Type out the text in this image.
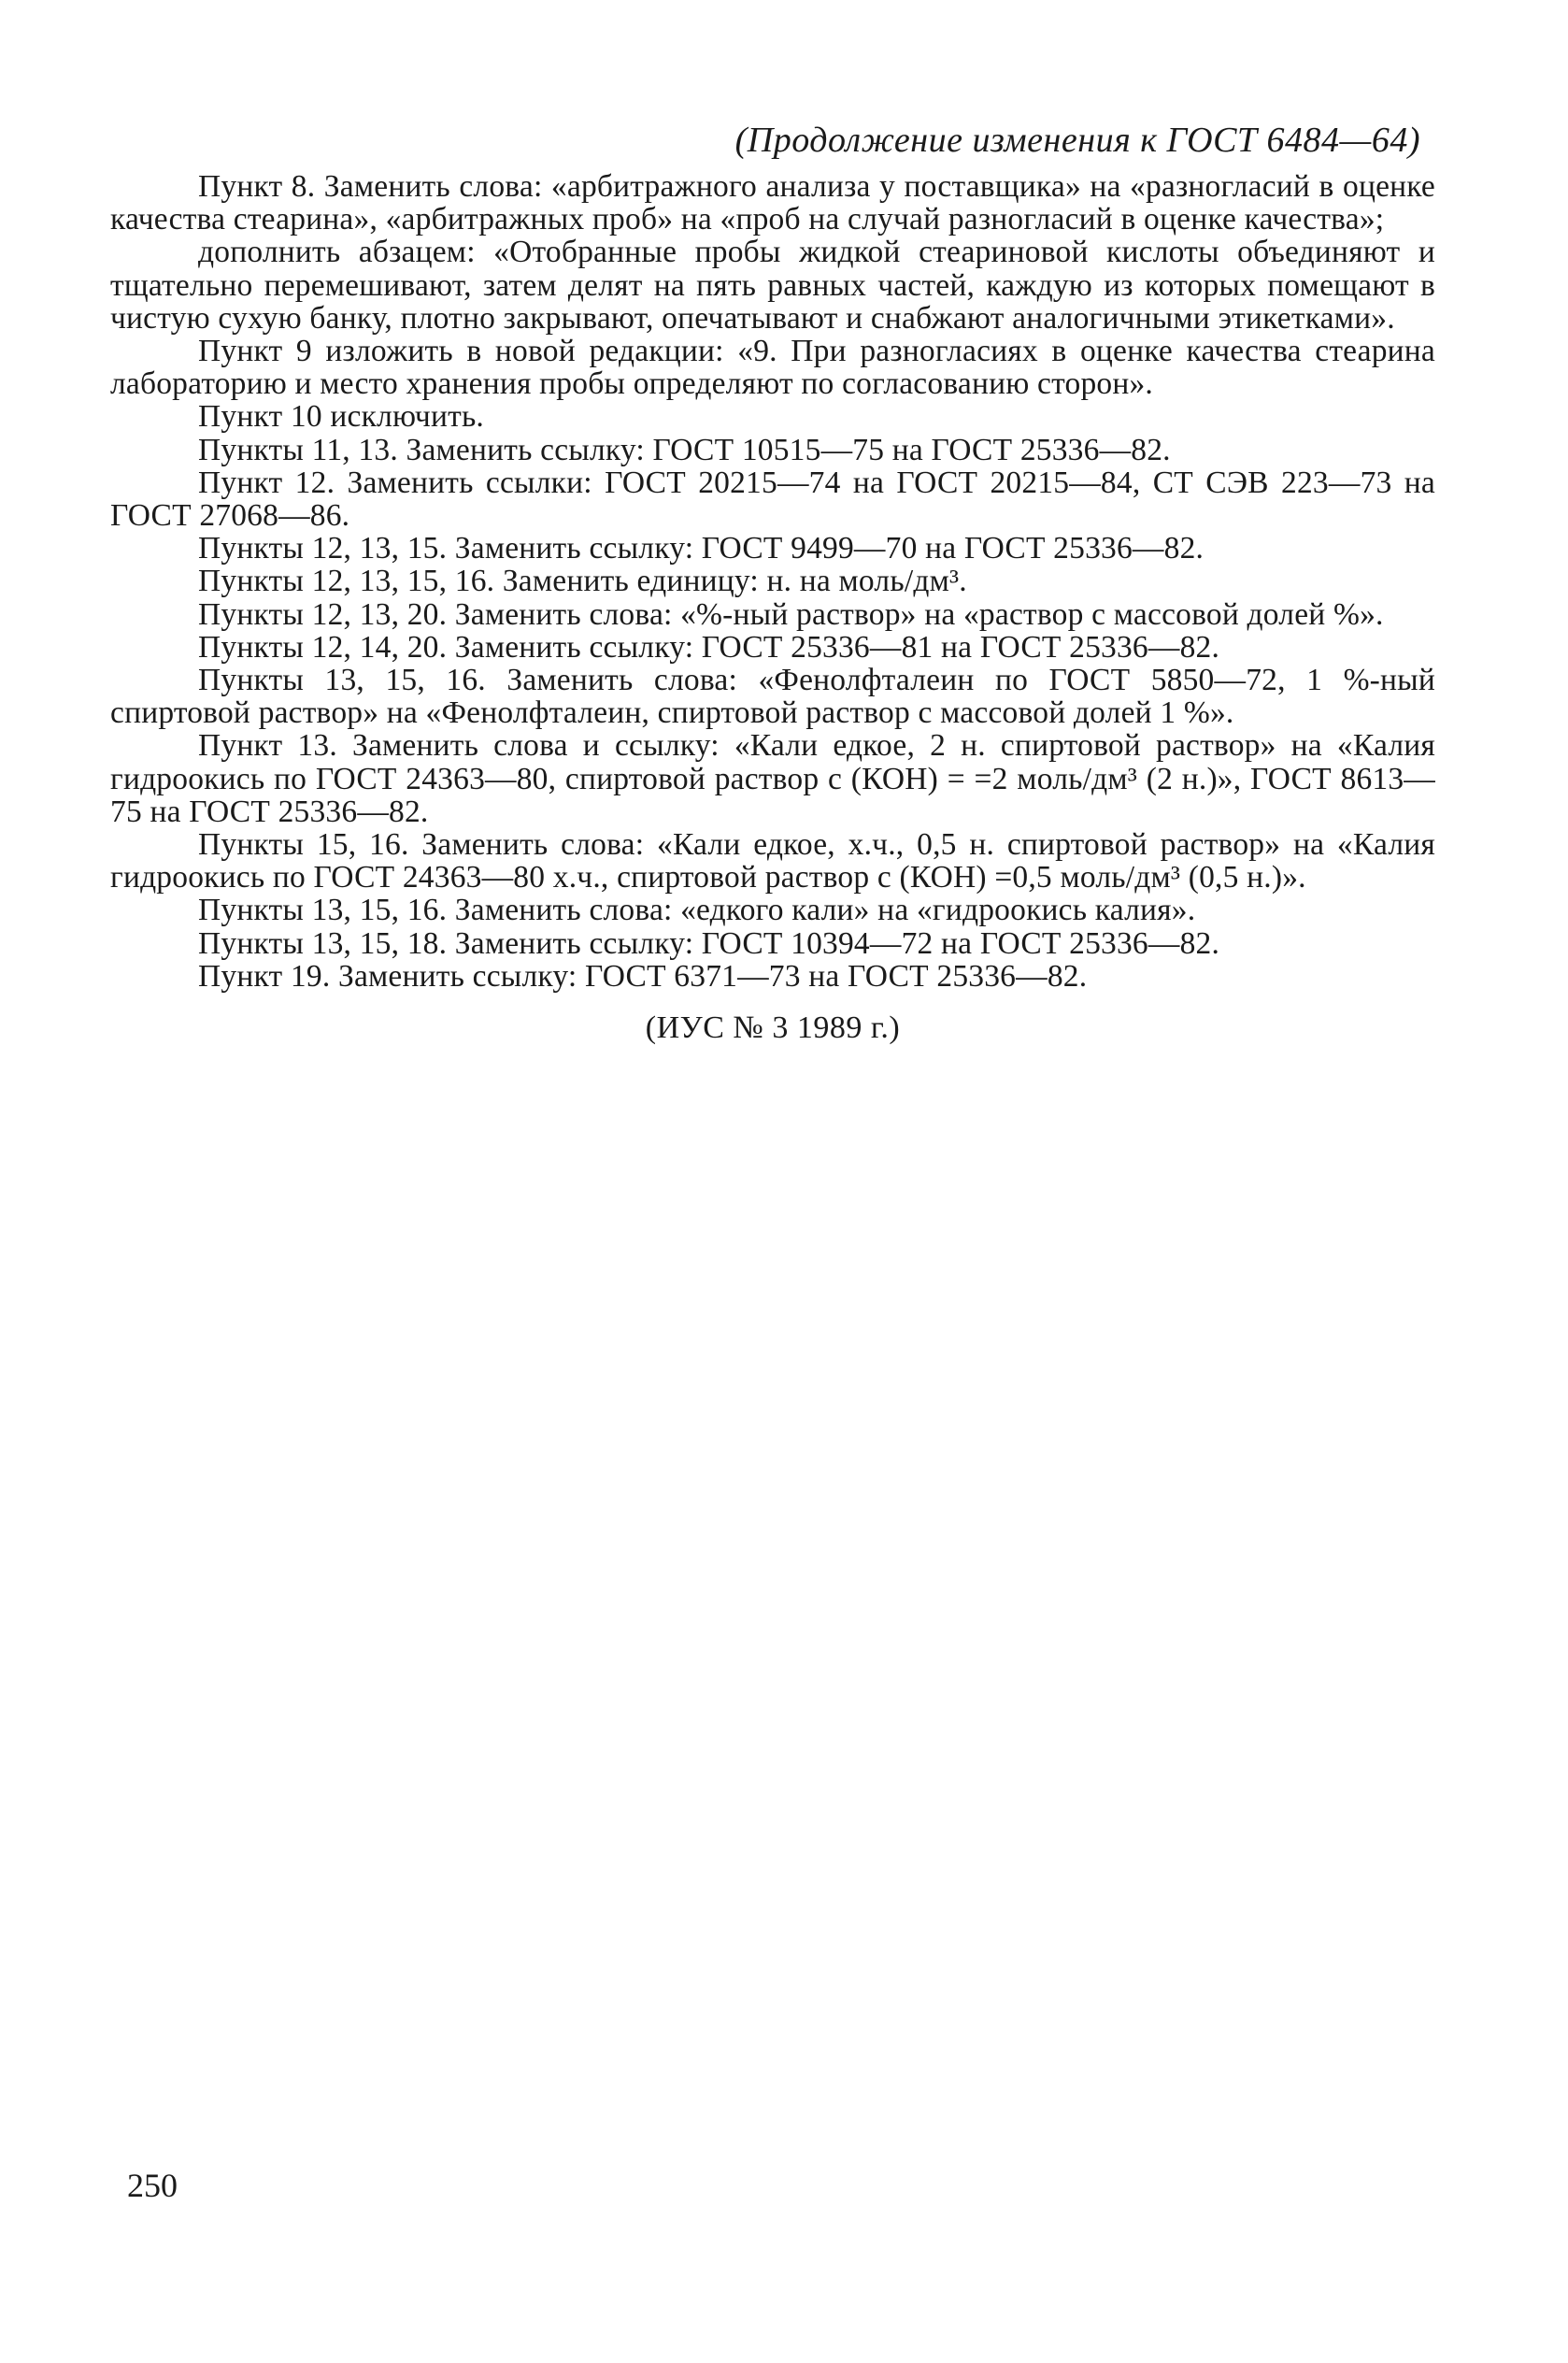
(Продолжение изменения к ГОСТ 6484—64)

Пункт 8. Заменить слова: «арбитражного анализа у поставщика» на «разногласий в оценке качества стеарина», «арбитражных проб» на «проб на случай разногласий в оценке качества»;

дополнить абзацем: «Отобранные пробы жидкой стеариновой кислоты объединяют и тщательно перемешивают, затем делят на пять равных частей, каждую из которых помещают в чистую сухую банку, плотно закрывают, опечатывают и снабжают аналогичными этикетками».

Пункт 9 изложить в новой редакции: «9. При разногласиях в оценке качества стеарина лабораторию и место хранения пробы определяют по согласованию сторон».

Пункт 10 исключить.

Пункты 11, 13. Заменить ссылку: ГОСТ 10515—75 на ГОСТ 25336—82.

Пункт 12. Заменить ссылки: ГОСТ 20215—74 на ГОСТ 20215—84, СТ СЭВ 223—73 на ГОСТ 27068—86.

Пункты 12, 13, 15. Заменить ссылку: ГОСТ 9499—70 на ГОСТ 25336—82.

Пункты 12, 13, 15, 16. Заменить единицу: н. на моль/дм³.

Пункты 12, 13, 20. Заменить слова: «%-ный раствор» на «раствор с массовой долей %».

Пункты 12, 14, 20. Заменить ссылку: ГОСТ 25336—81 на ГОСТ 25336—82.

Пункты 13, 15, 16. Заменить слова: «Фенолфталеин по ГОСТ 5850—72, 1 %-ный спиртовой раствор» на «Фенолфталеин, спиртовой раствор с массовой долей 1 %».

Пункт 13. Заменить слова и ссылку: «Кали едкое, 2 н. спиртовой раствор» на «Калия гидроокись по ГОСТ 24363—80, спиртовой раствор c (КОН) = =2 моль/дм³ (2 н.)», ГОСТ 8613—75 на ГОСТ 25336—82.

Пункты 15, 16. Заменить слова: «Кали едкое, х.ч., 0,5 н. спиртовой раствор» на «Калия гидроокись по ГОСТ 24363—80 х.ч., спиртовой раствор c (КОН) =0,5 моль/дм³ (0,5 н.)».

Пункты 13, 15, 16. Заменить слова: «едкого кали» на «гидроокись калия».

Пункты 13, 15, 18. Заменить ссылку: ГОСТ 10394—72 на ГОСТ 25336—82.

Пункт 19. Заменить ссылку: ГОСТ 6371—73 на ГОСТ 25336—82.

(ИУС № 3 1989 г.)
250
